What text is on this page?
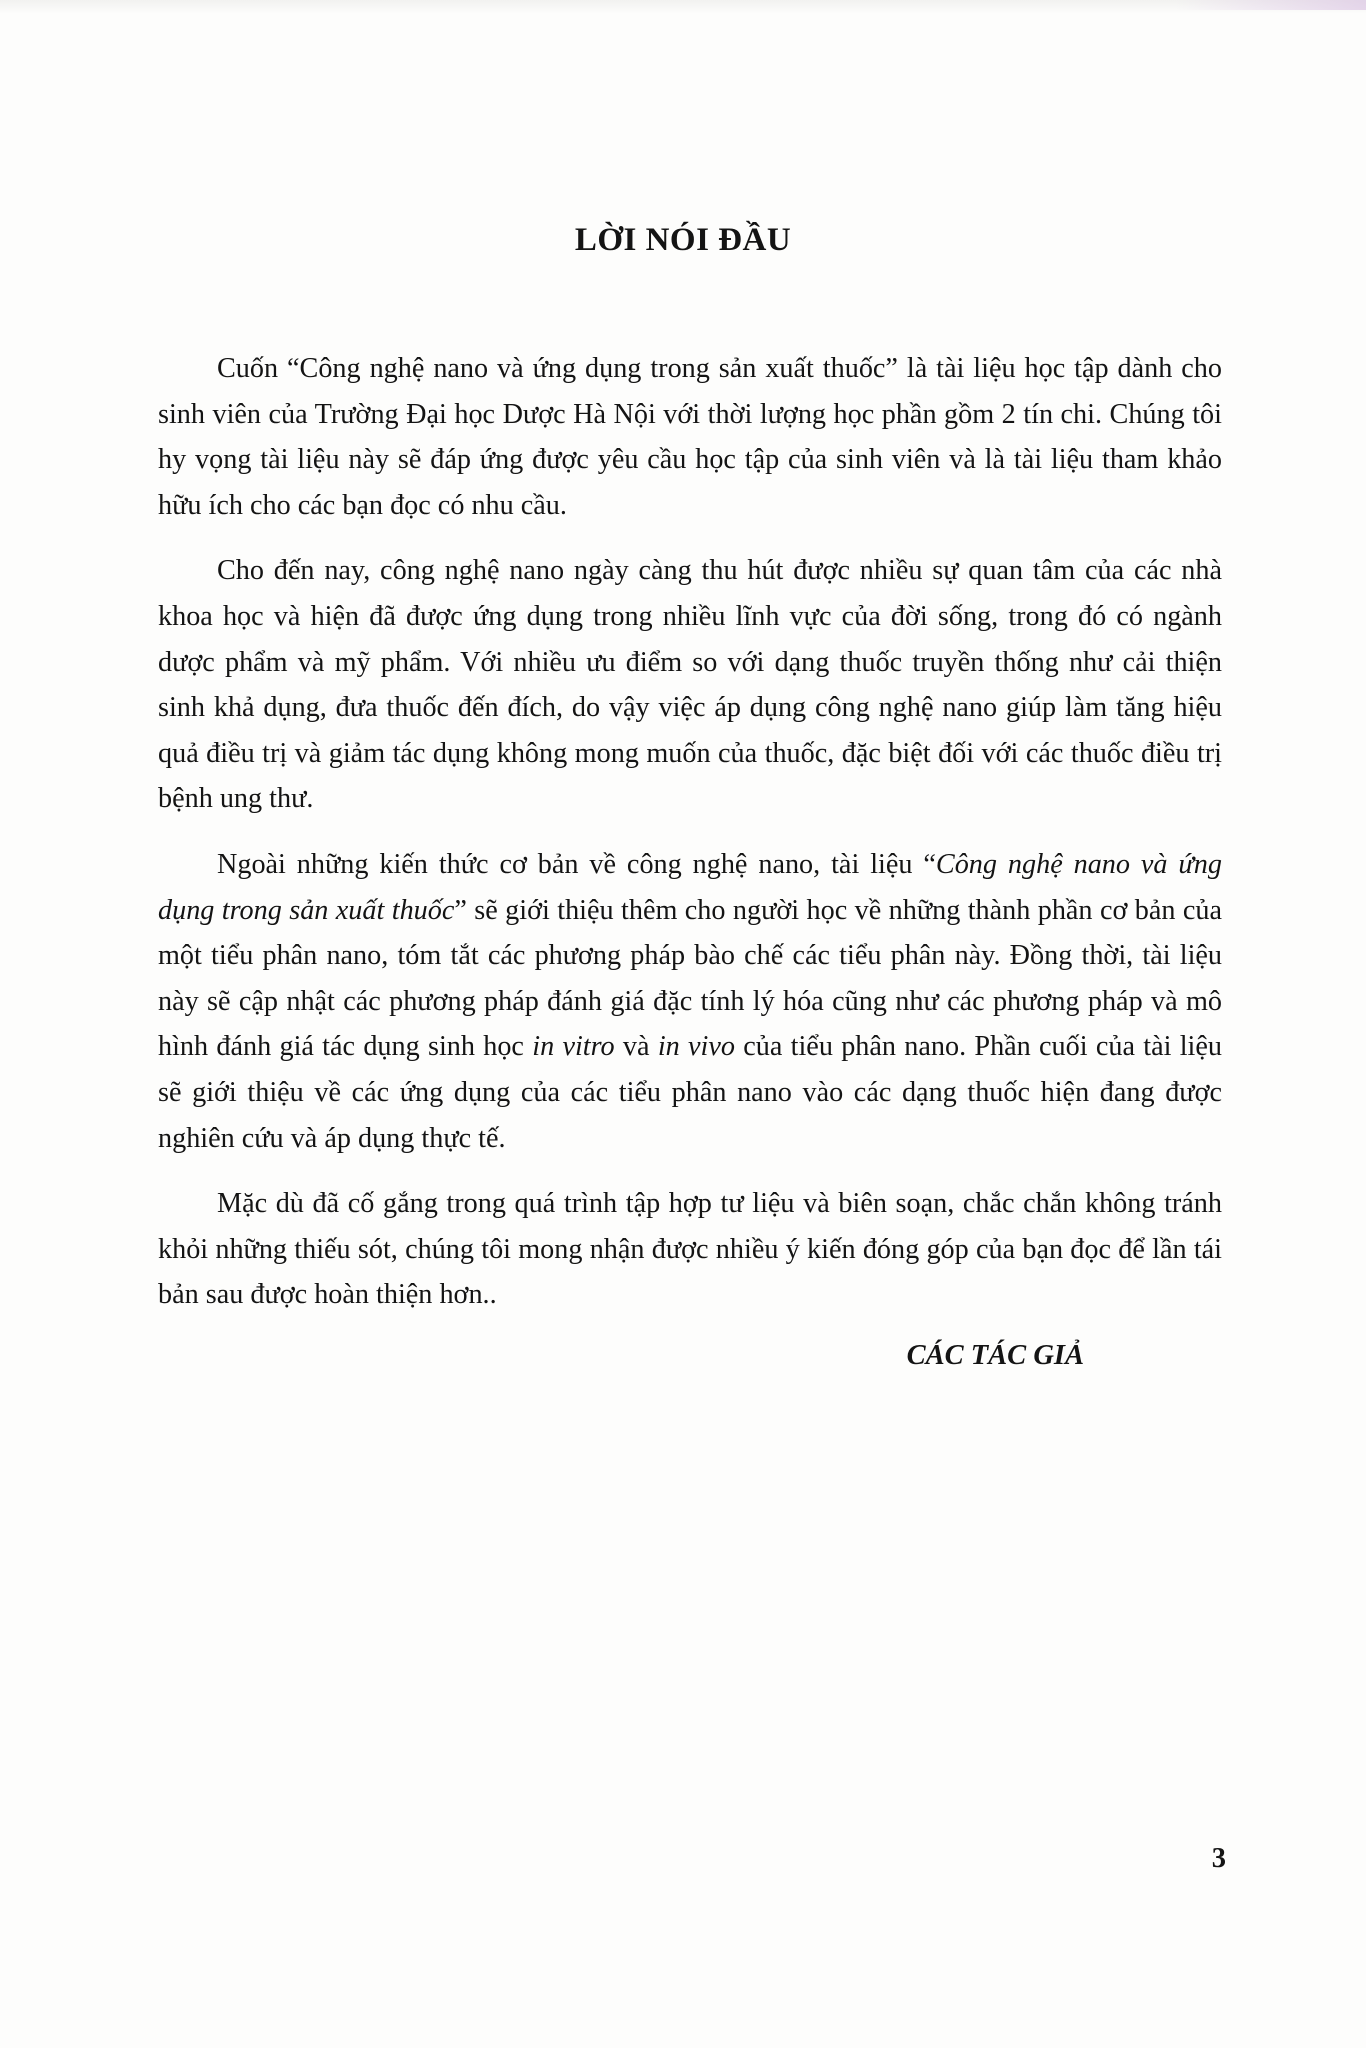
LỜI NÓI ĐẦU

Cuốn “Công nghệ nano và ứng dụng trong sản xuất thuốc” là tài liệu học tập dành cho sinh viên của Trường Đại học Dược Hà Nội với thời lượng học phần gồm 2 tín chi. Chúng tôi hy vọng tài liệu này sẽ đáp ứng được yêu cầu học tập của sinh viên và là tài liệu tham khảo hữu ích cho các bạn đọc có nhu cầu.

Cho đến nay, công nghệ nano ngày càng thu hút được nhiều sự quan tâm của các nhà khoa học và hiện đã được ứng dụng trong nhiều lĩnh vực của đời sống, trong đó có ngành dược phẩm và mỹ phẩm. Với nhiều ưu điểm so với dạng thuốc truyền thống như cải thiện sinh khả dụng, đưa thuốc đến đích, do vậy việc áp dụng công nghệ nano giúp làm tăng hiệu quả điều trị và giảm tác dụng không mong muốn của thuốc, đặc biệt đối với các thuốc điều trị bệnh ung thư.

Ngoài những kiến thức cơ bản về công nghệ nano, tài liệu “Công nghệ nano và ứng dụng trong sản xuất thuốc” sẽ giới thiệu thêm cho người học về những thành phần cơ bản của một tiểu phân nano, tóm tắt các phương pháp bào chế các tiểu phân này. Đồng thời, tài liệu này sẽ cập nhật các phương pháp đánh giá đặc tính lý hóa cũng như các phương pháp và mô hình đánh giá tác dụng sinh học in vitro và in vivo của tiểu phân nano. Phần cuối của tài liệu sẽ giới thiệu về các ứng dụng của các tiểu phân nano vào các dạng thuốc hiện đang được nghiên cứu và áp dụng thực tế.

Mặc dù đã cố gắng trong quá trình tập hợp tư liệu và biên soạn, chắc chắn không tránh khỏi những thiếu sót, chúng tôi mong nhận được nhiều ý kiến đóng góp của bạn đọc để lần tái bản sau được hoàn thiện hơn..

CÁC TÁC GIẢ

3
